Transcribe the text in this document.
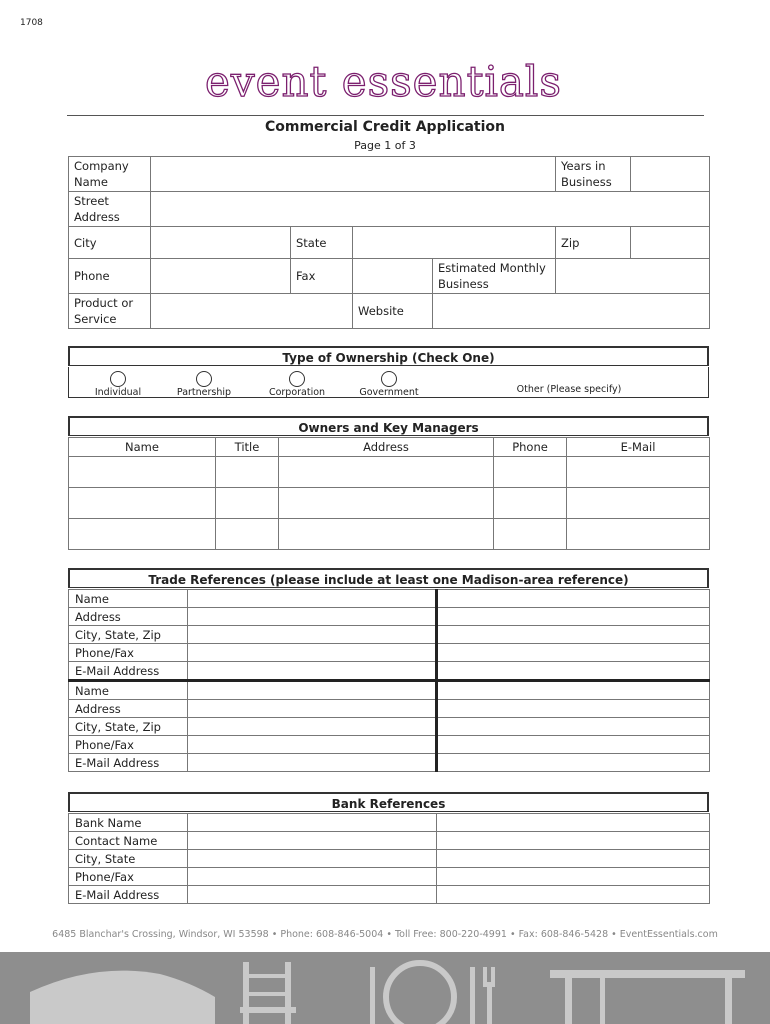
1708
event essentials
Commercial Credit Application
Page 1 of 3
Company Name					Years in Business	
Street Address						
City		State			Zip	
Phone		Fax		Estimated Monthly Business		
Product or Service			Website			
Type of Ownership (Check One)
Individual	Partnership	Corporation	Government	Other (Please specify)
Owners and Key Managers
Name	Title	Address	Phone	E-Mail

Trade References (please include at least one Madison-area reference)
Name		
Address		
City, State, Zip		
Phone/Fax		
E-Mail Address		
Name		
Address		
City, State, Zip		
Phone/Fax		
E-Mail Address		
Bank References
Bank Name		
Contact Name		
City, State		
Phone/Fax		
E-Mail Address		
6485 Blanchar's Crossing, Windsor, WI 53598 • Phone: 608-846-5004 • Toll Free: 800-220-4991 • Fax: 608-846-5428 • EventEssentials.com
